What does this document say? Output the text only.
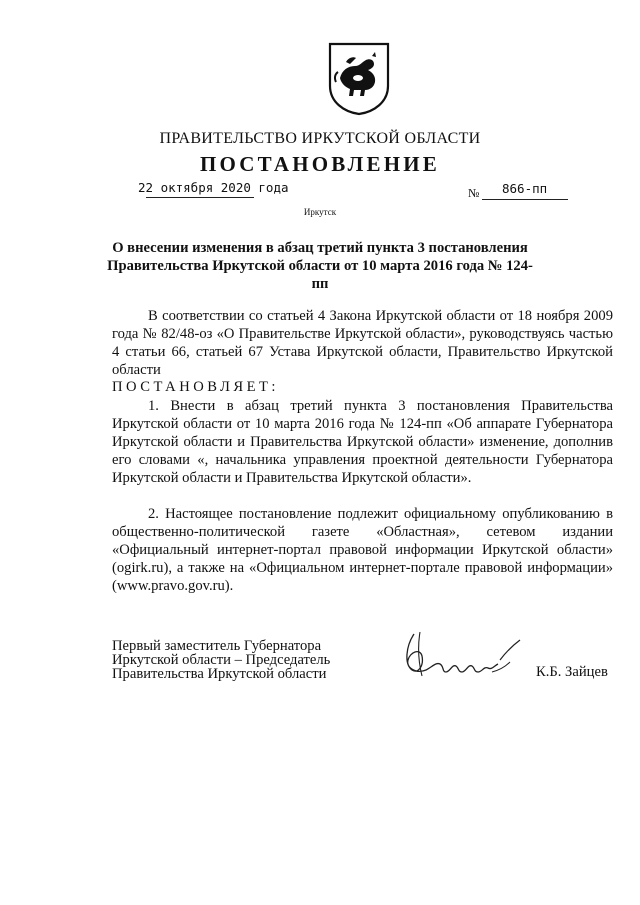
ПРАВИТЕЛЬСТВО ИРКУТСКОЙ ОБЛАСТИ
ПОСТАНОВЛЕНИЕ
22 октября 2020 года	№ 866-пп
Иркутск
О внесении изменения в абзац третий пункта 3 постановления
Правительства Иркутской области от 10 марта 2016 года № 124-пп
В соответствии со статьей 4 Закона Иркутской области от 18 ноября 2009 года № 82/48-оз «О Правительстве Иркутской области», руководствуясь частью 4 статьи 66, статьей 67 Устава Иркутской области, Правительство Иркутской области
ПОСТАНОВЛЯЕТ:
1. Внести в абзац третий пункта 3 постановления Правительства Иркутской области от 10 марта 2016 года № 124-пп «Об аппарате Губернатора Иркутской области и Правительства Иркутской области» изменение, дополнив его словами «, начальника управления проектной деятельности Губернатора Иркутской области и Правительства Иркутской области».
2. Настоящее постановление подлежит официальному опубликованию в общественно-политической газете «Областная», сетевом издании «Официальный интернет-портал правовой информации Иркутской области» (ogirk.ru), а также на «Официальном интернет-портале правовой информации» (www.pravo.gov.ru).
Первый заместитель Губернатора
Иркутской области – Председатель
Правительства Иркутской области	К.Б. Зайцев
